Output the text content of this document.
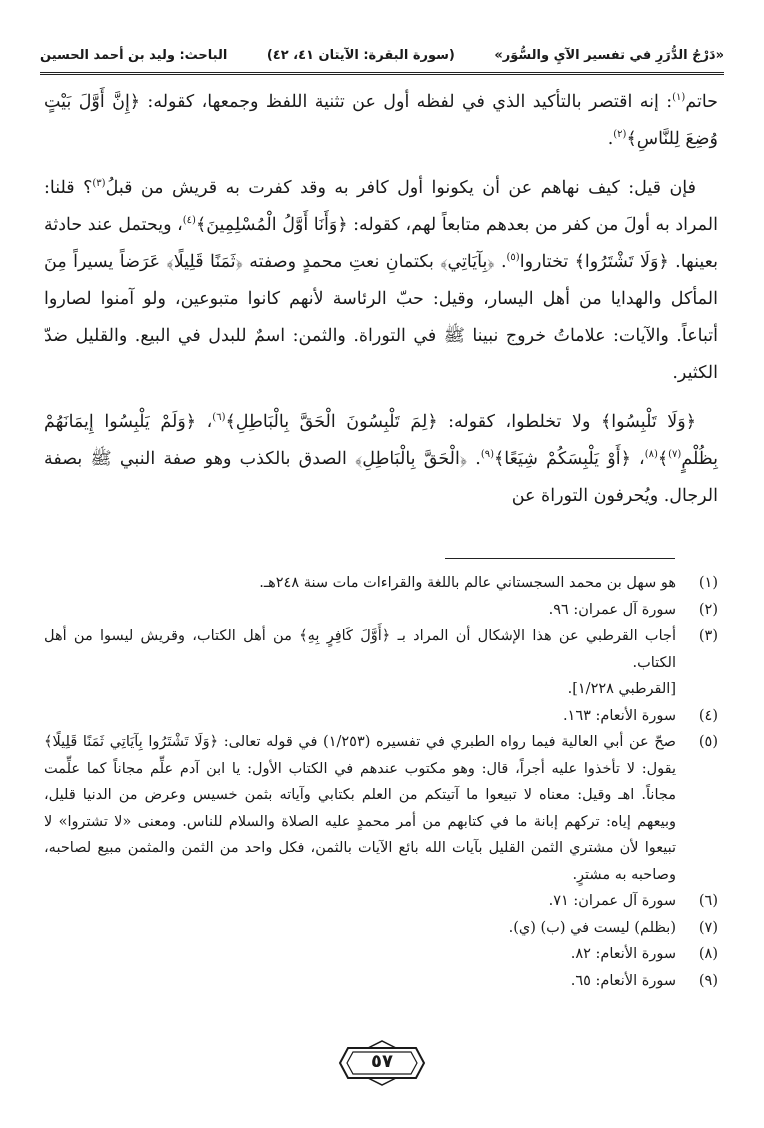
«دَرْجُ الدُّرَرِ في تفسير الآيِ والسُّوَر»
(سورة البقرة: الآيتان ٤١، ٤٢)
الباحث: وليد بن أحمد الحسين

حاتم$^{(١)}$: إنه اقتصر بالتأكيد الذي في لفظه أول عن تثنية اللفظ وجمعها، كقوله: ﴿إِنَّ أَوَّلَ بَيْتٍ وُضِعَ لِلنَّاسِ﴾$^{(٢)}$.

فإن قيل: كيف نهاهم عن أن يكونوا أول كافر به وقد كفرت به قريش من قبلُ$^{(٣)}$؟ قلنا: المراد به أولَ من كفر من بعدهم متابعاً لهم، كقوله: ﴿وَأَنَا أَوَّلُ الْمُسْلِمِينَ﴾$^{(٤)}$، ويحتمل عند حادثة بعينها. ﴿وَلَا تَشْتَرُوا﴾ تختاروا$^{(٥)}$. ﴿بِآيَاتِي﴾ بكتمانِ نعتِ محمدٍ وصفته ﴿ثَمَنًا قَلِيلًا﴾ عَرَضاً يسيراً مِنَ المأكل والهدايا من أهل اليسار، وقيل: حبّ الرئاسة لأنهم كانوا متبوعين، ولو آمنوا لصاروا أتباعاً. والآيات: علاماتُ خروج نبينا ﷺ في التوراة. والثمن: اسمٌ للبدل في البيع. والقليل ضدّ الكثير.

﴿وَلَا تَلْبِسُوا﴾ ولا تخلطوا، كقوله: ﴿لِمَ تَلْبِسُونَ الْحَقَّ بِالْبَاطِلِ﴾$^{(٦)}$، ﴿وَلَمْ يَلْبِسُوا إِيمَانَهُمْ بِظُلْمٍ$^{(٧)}$﴾$^{(٨)}$، ﴿أَوْ يَلْبِسَكُمْ شِيَعًا﴾$^{(٩)}$. ﴿الْحَقَّ بِالْبَاطِلِ﴾ الصدق بالكذب وهو صفة النبي ﷺ بصفة الرجال. ويُحرفون التوراة عن

(١)
هو سهل بن محمد السجستاني عالم باللغة والقراءات مات سنة ٢٤٨هـ.
(٢)
سورة آل عمران: ٩٦.
(٣)
أجاب القرطبي عن هذا الإشكال أن المراد بـ ﴿أَوَّلَ كَافِرٍ بِهِ﴾ من أهل الكتاب، وقريش ليسوا من أهل الكتاب.
[القرطبي ١/٢٢٨].
(٤)
سورة الأنعام: ١٦٣.
(٥)
صحّ عن أبي العالية فيما رواه الطبري في تفسيره (١/٢٥٣) في قوله تعالى: ﴿وَلَا تَشْتَرُوا بِآيَاتِي ثَمَنًا قَلِيلًا﴾ يقول: لا تأخذوا عليه أجراً، قال: وهو مكتوب عندهم في الكتاب الأول: يا ابن آدم علِّم مجاناً كما علِّمت مجاناً. اهـ وقيل: معناه لا تبيعوا ما آتيتكم من العلم بكتابي وآياته بثمن خسيس وعرض من الدنيا قليل، وبيعهم إياه: تركهم إبانة ما في كتابهم من أمر محمدٍ عليه الصلاة والسلام للناس. ومعنى «لا تشتروا» لا تبيعوا لأن مشتري الثمن القليل بآيات الله بائع الآيات بالثمن، فكل واحد من الثمن والمثمن مبيع لصاحبه، وصاحبه به مشترٍ.
(٦)
سورة آل عمران: ٧١.
(٧)
(بظلم) ليست في (ب) (ي).
(٨)
سورة الأنعام: ٨٢.
(٩)
سورة الأنعام: ٦٥.
٥٧
